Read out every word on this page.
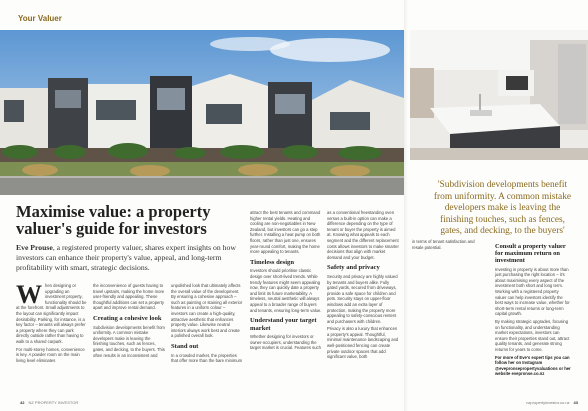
Your Valuer
'Subdivision developments benefit from uniformity. A common mistake developers make is leaving the finishing touches, such as fences, gates, and decking, to the buyers'
Maximise value: a property valuer's guide for investors

Eve Prouse, a registered property valuer, shares expert insights on how investors can enhance their property's value, appeal, and long-term profitability with smart, strategic decisions.

W hen designing or upgrading an investment property, functionality should be at the forefront. Small adjustments to the layout can significantly impact desirability. Parking, for instance, is a key factor – tenants will always prefer a property where they can park directly outside rather than having to walk to a shared carpark.

For multi-storey homes, convenience is key. A powder room on the main living level eliminates

the inconvenience of guests having to travel upstairs, making the home more user-friendly and appealing. These thoughtful additions can set a property apart and improve rental demand.

Creating a cohesive look

Subdivision developments benefit from uniformity. A common mistake developers make is leaving the finishing touches, such as fences, gates, and decking, to the buyers. This often results in an inconsistent and

unpolished look that ultimately affects the overall value of the development. By ensuring a cohesive approach – such as painting or staining all exterior features in a uniform colour – investors can create a high-quality, attractive aesthetic that enhances property value. Likewise neutral interiors always work best and create a polished overall look.

Stand out

In a crowded market, the properties that offer more than the bare minimum

attract the best tenants and command higher rental yields. Heating and cooling are non-negotiables in New Zealand, but investors can go a step further. Installing a heat pump on both floors, rather than just one, ensures year-round comfort, making the home more appealing to tenants.

Timeless design

Investors should prioritise classic design over short-lived trends. While trendy features might seem appealing now, they can quickly date a property and limit its future marketability. A timeless, neutral aesthetic will always appeal to a broader range of buyers and tenants, ensuring long-term value.

Understand your target market

Whether designing for investors or owner-occupiers, understanding the target market is crucial. Features such

as a conventional freestanding oven versus a built-in option can make a difference depending on the type of tenant or buyer the property is aimed at. Knowing what appeals to each segment and the different replacement costs allows investors to make smarter decisions that align with market demand and your budget.

Safety and privacy

Security and privacy are highly valued by tenants and buyers alike. Fully gated yards, secured from driveways, provide a safe space for children and pets. Security stays on upper-floor windows add an extra layer of protection, making the property more appealing to safety-conscious renters and purchasers with children.

Privacy is also a luxury that enhances a property's appeal. Thoughtful, minimal maintenance landscaping and well-positioned fencing can create private outdoor spaces that add significant value, both

in terms of tenant satisfaction and resale potential.	Consult a property valuer for maximum return on investment

Investing in property is about more than just purchasing the right location – it's about maximising every aspect of the investment both short and long term. Working with a registered property valuer can help investors identify the best ways to increase value, whether for short-term rental returns or long-term capital growth.

By making strategic upgrades, focusing on functionality, and understanding market expectations, investors can ensure their properties stand out, attract quality tenants, and generate strong returns for years to come.

For more of Eve's expert tips you can follow her on Instagram @evepronsepropertyvaluations or her website evepronse.co.nz

42 NZ PROPERTY INVESTOR	nzpropertyinvestor.co.nz 43
